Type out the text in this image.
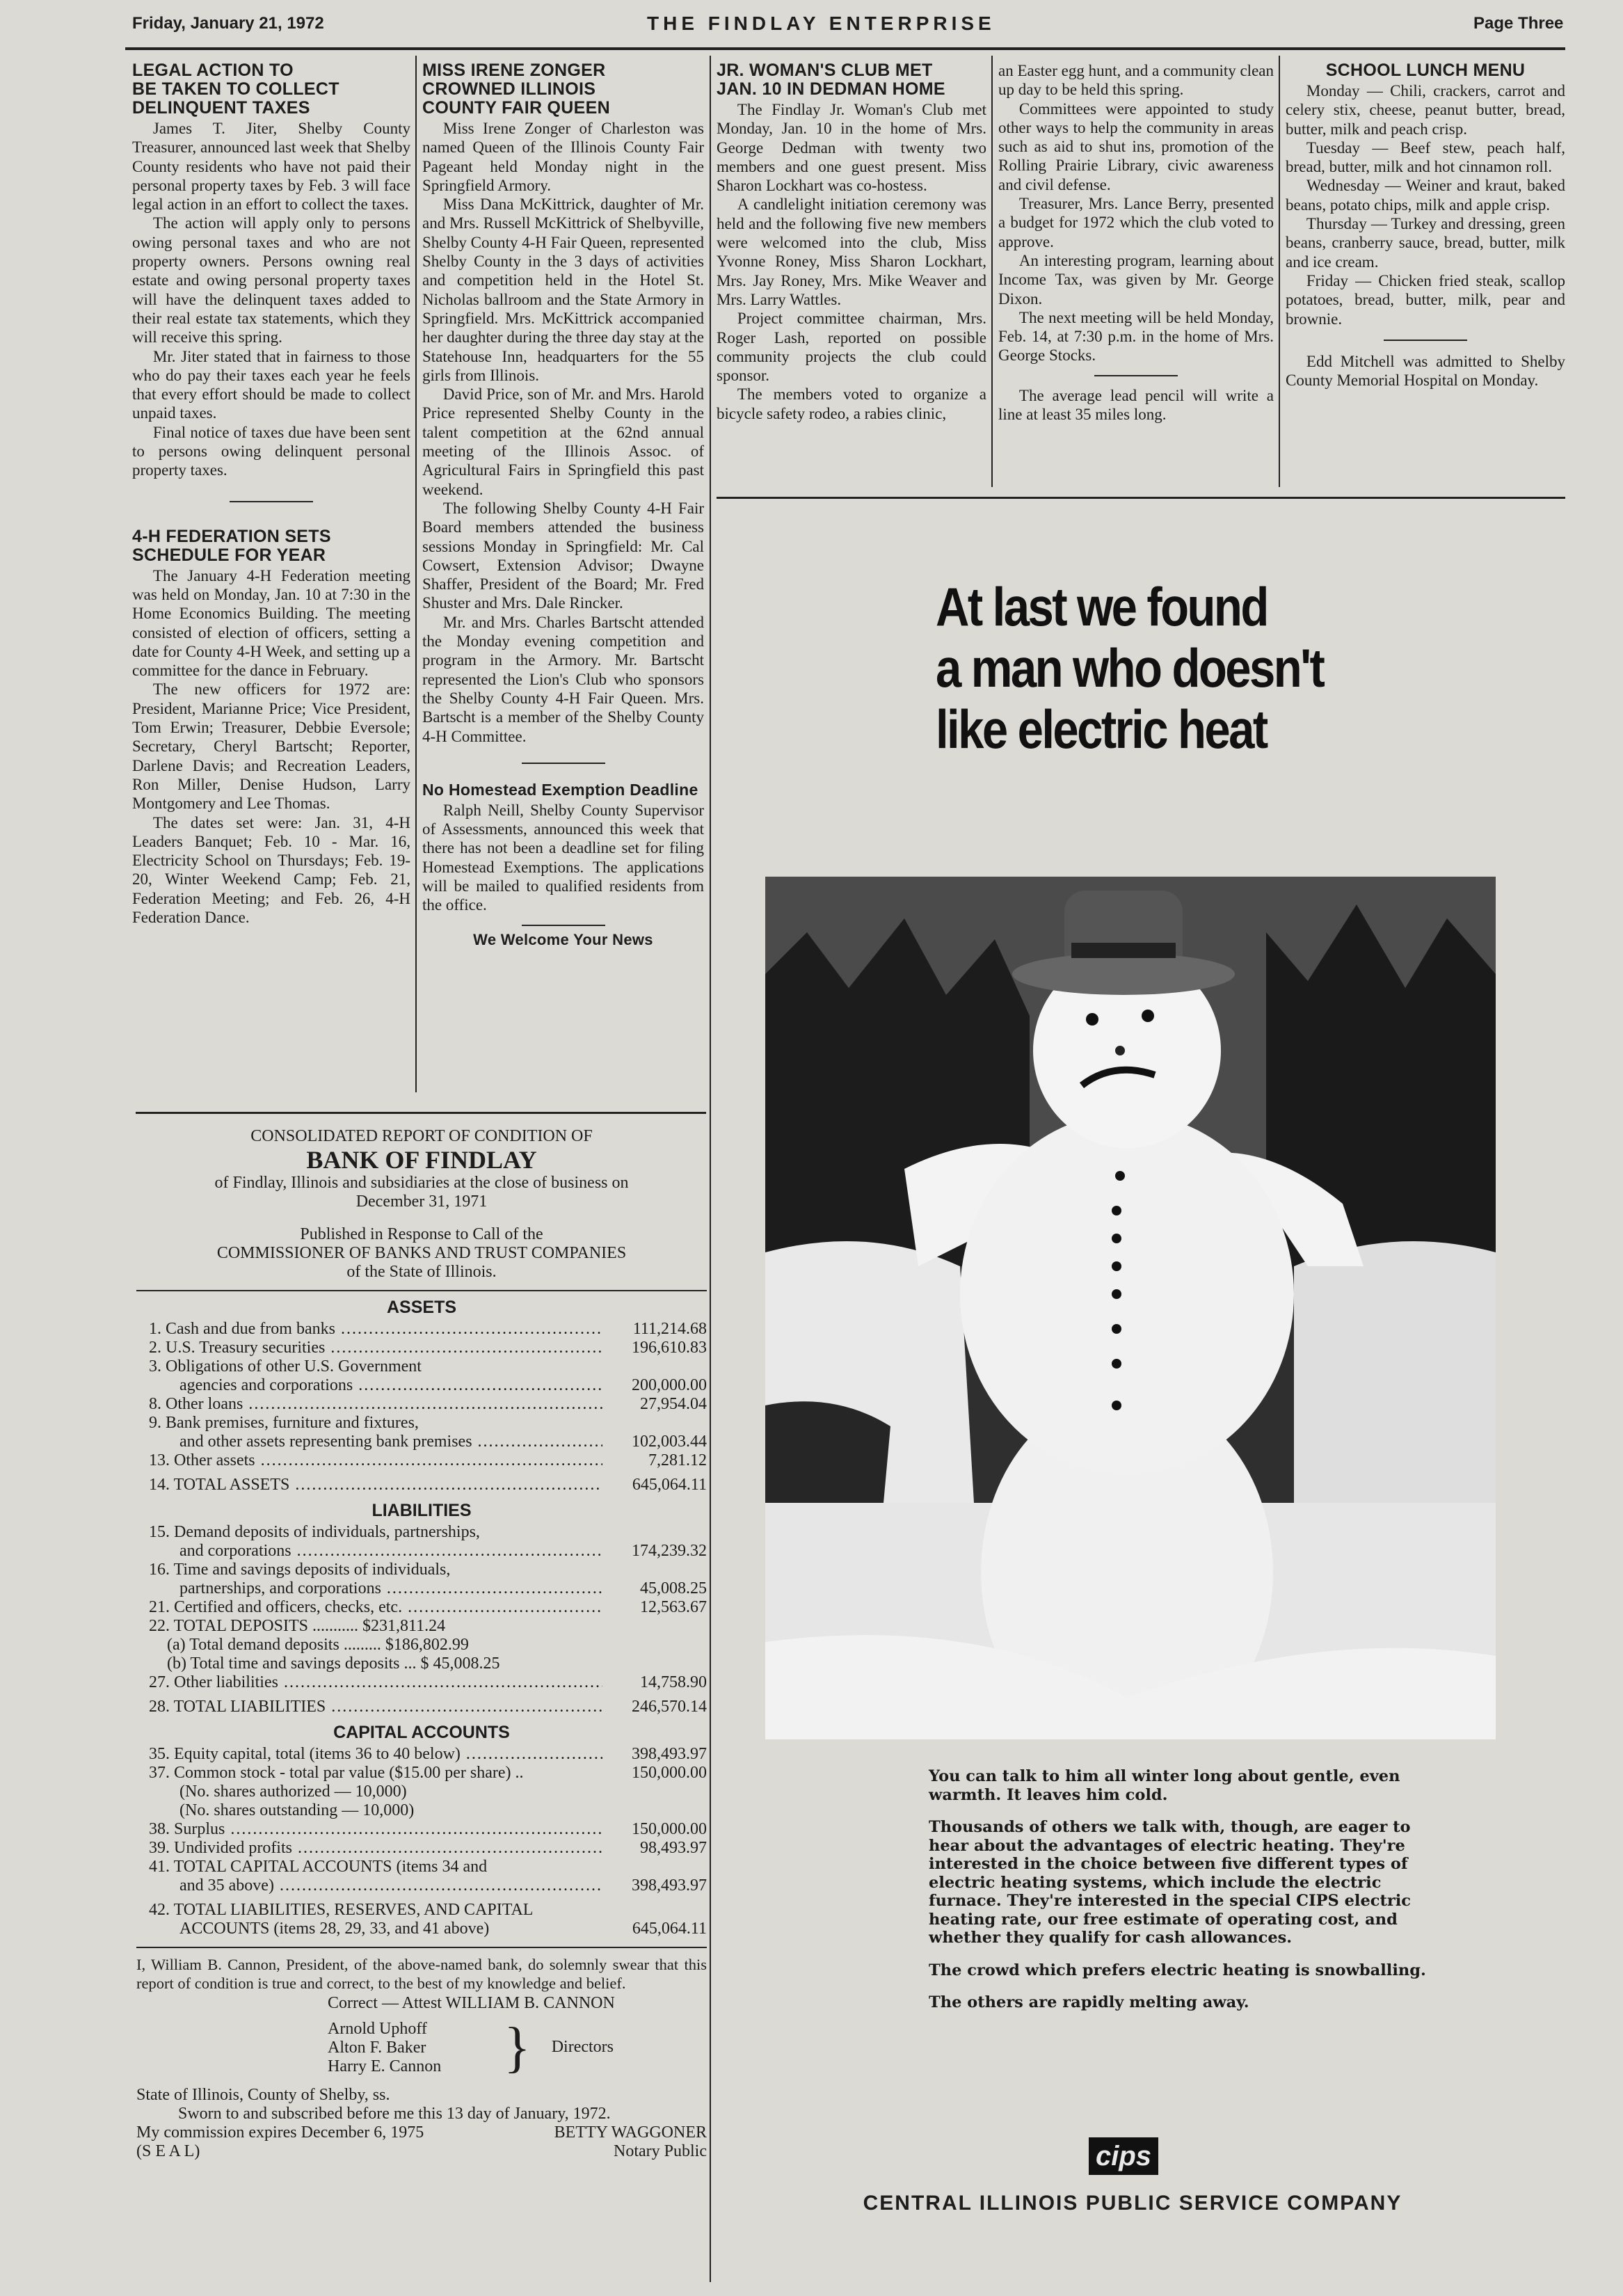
Friday, January 21, 1972	THE FINDLAY ENTERPRISE	Page Three
LEGAL ACTION TO
BE TAKEN TO COLLECT
DELINQUENT TAXES

James T. Jiter, Shelby County Treasurer, announced last week that Shelby County residents who have not paid their personal property taxes by Feb. 3 will face legal action in an effort to collect the taxes.

The action will apply only to persons owing personal taxes and who are not property owners. Persons owning real estate and owing personal property taxes will have the delinquent taxes added to their real estate tax statements, which they will receive this spring.

Mr. Jiter stated that in fairness to those who do pay their taxes each year he feels that every effort should be made to collect unpaid taxes.

Final notice of taxes due have been sent to persons owing delinquent personal property taxes.

4-H FEDERATION SETS
SCHEDULE FOR YEAR

The January 4-H Federation meeting was held on Monday, Jan. 10 at 7:30 in the Home Economics Building. The meeting consisted of election of officers, setting a date for County 4-H Week, and setting up a committee for the dance in February.

The new officers for 1972 are: President, Marianne Price; Vice President, Tom Erwin; Treasurer, Debbie Eversole; Secretary, Cheryl Bartscht; Reporter, Darlene Davis; and Recreation Leaders, Ron Miller, Denise Hudson, Larry Montgomery and Lee Thomas.

The dates set were: Jan. 31, 4-H Leaders Banquet; Feb. 10 - Mar. 16, Electricity School on Thursdays; Feb. 19-20, Winter Weekend Camp; Feb. 21, Federation Meeting; and Feb. 26, 4-H Federation Dance.

MISS IRENE ZONGER
CROWNED ILLINOIS
COUNTY FAIR QUEEN

Miss Irene Zonger of Charleston was named Queen of the Illinois County Fair Pageant held Monday night in the Springfield Armory.

Miss Dana McKittrick, daughter of Mr. and Mrs. Russell McKittrick of Shelbyville, Shelby County 4-H Fair Queen, represented Shelby County in the 3 days of activities and competition held in the Hotel St. Nicholas ballroom and the State Armory in Springfield. Mrs. McKittrick accompanied her daughter during the three day stay at the Statehouse Inn, headquarters for the 55 girls from Illinois.

David Price, son of Mr. and Mrs. Harold Price represented Shelby County in the talent competition at the 62nd annual meeting of the Illinois Assoc. of Agricultural Fairs in Springfield this past weekend.

The following Shelby County 4-H Fair Board members attended the business sessions Monday in Springfield: Mr. Cal Cowsert, Extension Advisor; Dwayne Shaffer, President of the Board; Mr. Fred Shuster and Mrs. Dale Rincker.

Mr. and Mrs. Charles Bartscht attended the Monday evening competition and program in the Armory. Mr. Bartscht represented the Lion's Club who sponsors the Shelby County 4-H Fair Queen. Mrs. Bartscht is a member of the Shelby County 4-H Committee.

No Homestead Exemption Deadline

Ralph Neill, Shelby County Supervisor of Assessments, announced this week that there has not been a deadline set for filing Homestead Exemptions. The applications will be mailed to qualified residents from the office.

We Welcome Your News
JR. WOMAN'S CLUB MET
JAN. 10 IN DEDMAN HOME

The Findlay Jr. Woman's Club met Monday, Jan. 10 in the home of Mrs. George Dedman with twenty two members and one guest present. Miss Sharon Lockhart was co-hostess.

A candlelight initiation ceremony was held and the following five new members were welcomed into the club, Miss Yvonne Roney, Miss Sharon Lockhart, Mrs. Jay Roney, Mrs. Mike Weaver and Mrs. Larry Wattles.

Project committee chairman, Mrs. Roger Lash, reported on possible community projects the club could sponsor.

The members voted to organize a bicycle safety rodeo, a rabies clinic,

an Easter egg hunt, and a community clean up day to be held this spring.

Committees were appointed to study other ways to help the community in areas such as aid to shut ins, promotion of the Rolling Prairie Library, civic awareness and civil defense.

Treasurer, Mrs. Lance Berry, presented a budget for 1972 which the club voted to approve.

An interesting program, learning about Income Tax, was given by Mr. George Dixon.

The next meeting will be held Monday, Feb. 14, at 7:30 p.m. in the home of Mrs. George Stocks.

The average lead pencil will write a line at least 35 miles long.

SCHOOL LUNCH MENU

Monday — Chili, crackers, carrot and celery stix, cheese, peanut butter, bread, butter, milk and peach crisp.

Tuesday — Beef stew, peach half, bread, butter, milk and hot cinnamon roll.

Wednesday — Weiner and kraut, baked beans, potato chips, milk and apple crisp.

Thursday — Turkey and dressing, green beans, cranberry sauce, bread, butter, milk and ice cream.

Friday — Chicken fried steak, scallop potatoes, bread, butter, milk, pear and brownie.

Edd Mitchell was admitted to Shelby County Memorial Hospital on Monday.

CONSOLIDATED REPORT OF CONDITION OF
BANK OF FINDLAY
of Findlay, Illinois and subsidiaries at the close of business on
December 31, 1971
Published in Response to Call of the
COMMISSIONER OF BANKS AND TRUST COMPANIES
of the State of Illinois.
ASSETS
1. Cash and due from banks .....	111,214.68
2. U.S. Treasury securities .....	196,610.83
3. Obligations of other U.S. Government
agencies and corporations .....	200,000.00
8. Other loans .....	27,954.04
9. Bank premises, furniture and fixtures,
and other assets representing bank premises .....	102,003.44
13. Other assets .....	7,281.12
14. TOTAL ASSETS .....	645,064.11
LIABILITIES
15. Demand deposits of individuals, partnerships,
and corporations .....	174,239.32
16. Time and savings deposits of individuals,
partnerships, and corporations .....	45,008.25
21. Certified and officers, checks, etc. .....	12,563.67
22. TOTAL DEPOSITS ........... $231,811.24
(a) Total demand deposits ......... $186,802.99
(b) Total time and savings deposits ... $ 45,008.25
27. Other liabilities .....	14,758.90
28. TOTAL LIABILITIES .....	246,570.14
CAPITAL ACCOUNTS
35. Equity capital, total (items 36 to 40 below) .....	398,493.97
37. Common stock - total par value ($15.00 per share) ..	150,000.00
(No. shares authorized — 10,000)
(No. shares outstanding — 10,000)
38. Surplus .....	150,000.00
39. Undivided profits .....	98,493.97
41. TOTAL CAPITAL ACCOUNTS (items 34 and
and 35 above) .....	398,493.97
42. TOTAL LIABILITIES, RESERVES, AND CAPITAL
ACCOUNTS (items 28, 29, 33, and 41 above)	645,064.11
I, William B. Cannon, President, of the above-named bank, do solemnly swear that this report of condition is true and correct, to the best of my knowledge and belief.
Correct — Attest WILLIAM B. CANNON
Arnold Uphoff
Alton F. Baker
Harry E. Cannon } Directors
State of Illinois, County of Shelby, ss.
Sworn to and subscribed before me this 13 day of January, 1972.
My commission expires December 6, 1975	BETTY WAGGONER
(S E A L)	Notary Public
At last we found
a man who doesn't
like electric heat

You can talk to him all winter long about gentle, even warmth. It leaves him cold.

Thousands of others we talk with, though, are eager to hear about the advantages of electric heating. They're interested in the choice between five different types of electric heating systems, which include the electric furnace. They're interested in the special CIPS electric heating rate, our free estimate of operating cost, and whether they qualify for cash allowances.

The crowd which prefers electric heating is snowballing.

The others are rapidly melting away.

cips
CENTRAL ILLINOIS PUBLIC SERVICE COMPANY
